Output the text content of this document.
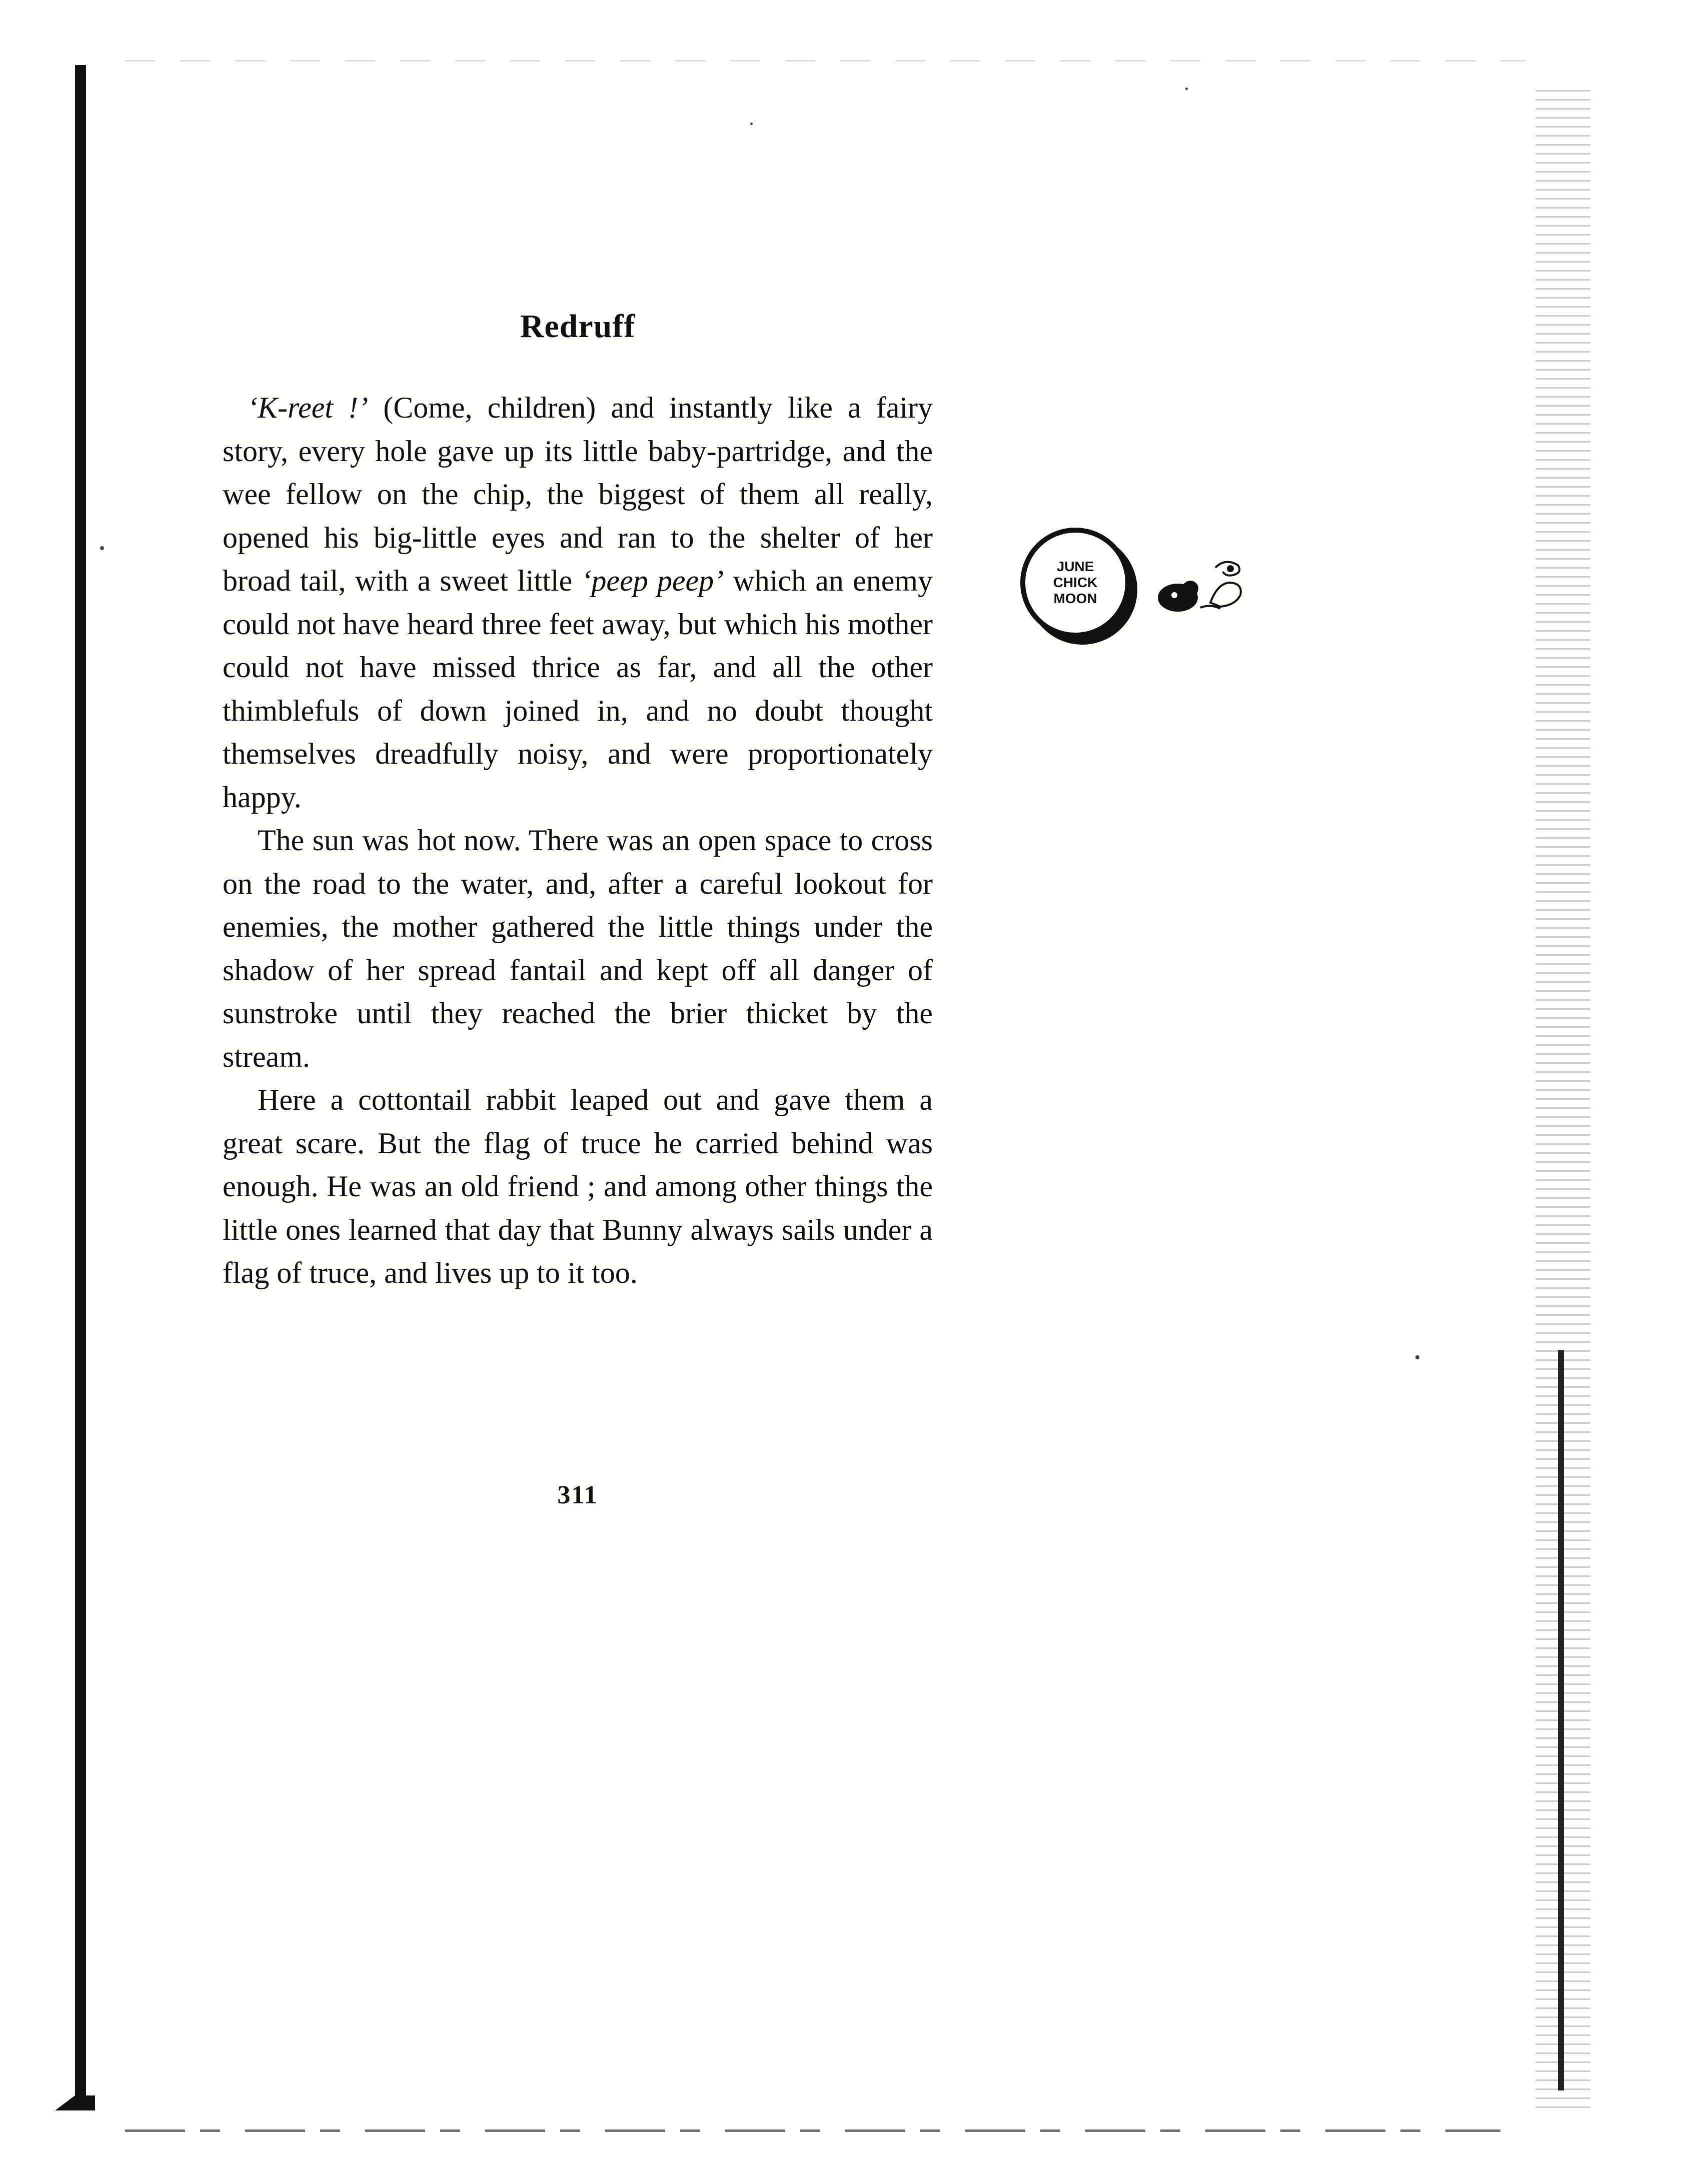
Redruff

‘K-reet !’ (Come, children) and instantly like a fairy story, every hole gave up its little baby-partridge, and the wee fellow on the chip, the biggest of them all really, opened his big-little eyes and ran to the shelter of her broad tail, with a sweet little ‘peep peep’ which an enemy could not have heard three feet away, but which his mother could not have missed thrice as far, and all the other thimblefuls of down joined in, and no doubt thought themselves dreadfully noisy, and were proportionately happy.

The sun was hot now. There was an open space to cross on the road to the water, and, after a careful lookout for enemies, the mother gathered the little things under the shadow of her spread fantail and kept off all danger of sunstroke until they reached the brier thicket by the stream.

Here a cottontail rabbit leaped out and gave them a great scare. But the flag of truce he carried behind was enough. He was an old friend ; and among other things the little ones learned that day that Bunny always sails under a flag of truce, and lives up to it too.

311
JUNE
CHICK
MOON
